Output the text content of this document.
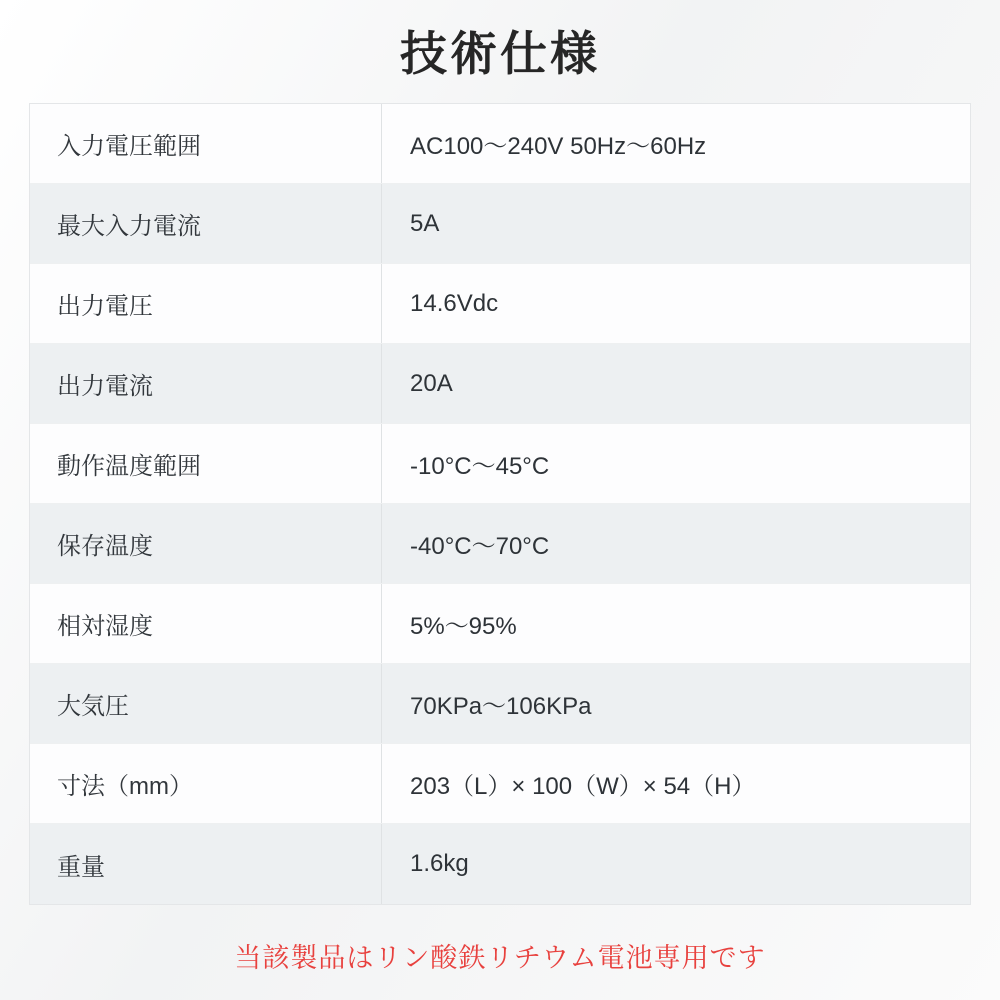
技術仕様
入力電圧範囲	AC100～240V 50Hz～60Hz
最大入力電流	5A
出力電圧	14.6Vdc
出力電流	20A
動作温度範囲	-10°C～45°C
保存温度	-40°C～70°C
相対湿度	5%～95%
大気圧	70KPa～106KPa
寸法（mm）	203（L）× 100（W）× 54（H）
重量	1.6kg
当該製品はリン酸鉄リチウム電池専用です
